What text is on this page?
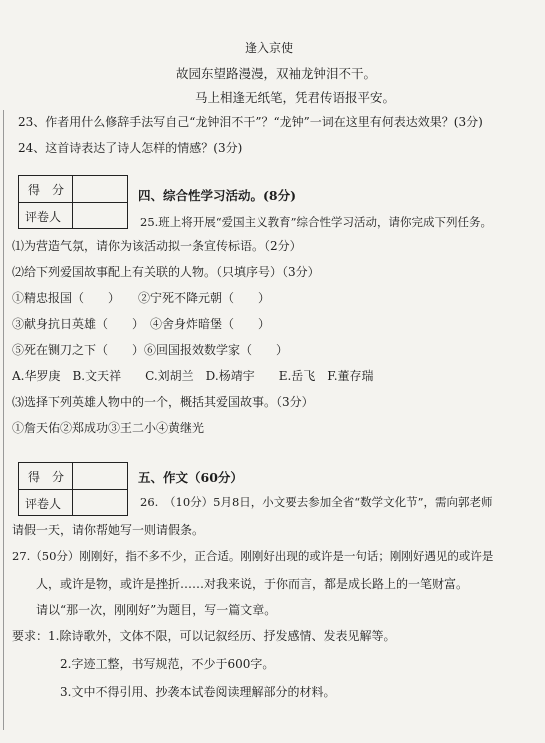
逢入京使
故园东望路漫漫，双袖龙钟泪不干。
马上相逢无纸笔，凭君传语报平安。
23、作者用什么修辞手法写自己“龙钟泪不干”？“龙钟”一词在这里有何表达效果？(3分)
24、这首诗表达了诗人怎样的情感？(3分)
得　分
评卷人
四、综合性学习活动。(8分)
25.班上将开展“爱国主义教育”综合性学习活动，请你完成下列任务。
⑴为营造气氛，请你为该活动拟一条宣传标语。（2分）
⑵给下列爱国故事配上有关联的人物。（只填序号）（3分）
①精忠报国（　　）　　②宁死不降元朝（　　）
③献身抗日英雄（　　）　④舍身炸暗堡（　　）
⑤死在铡刀之下（　　）⑥回国报效数学家（　　）
A.华罗庚　B.文天祥　　C.刘胡兰　D.杨靖宇　　E.岳飞　F.董存瑞
⑶选择下列英雄人物中的一个，概括其爱国故事。（3分）
①詹天佑②郑成功③王二小④黄继光
得　分
评卷人
五、作文（60分）
26.　（10分）5月8日，小文要去参加全省“数学文化节”，需向郭老师
请假一天，请你帮她写一则请假条。
27.（50分）刚刚好，指不多不少，正合适。刚刚好出现的或许是一句话；刚刚好遇见的或许是
人，或许是物，或许是挫折……对我来说，于你而言，都是成长路上的一笔财富。
请以“那一次，刚刚好”为题目，写一篇文章。
要求：1.除诗歌外，文体不限，可以记叙经历、抒发感情、发表见解等。
2.字迹工整，书写规范，不少于600字。
3.文中不得引用、抄袭本试卷阅读理解部分的材料。
